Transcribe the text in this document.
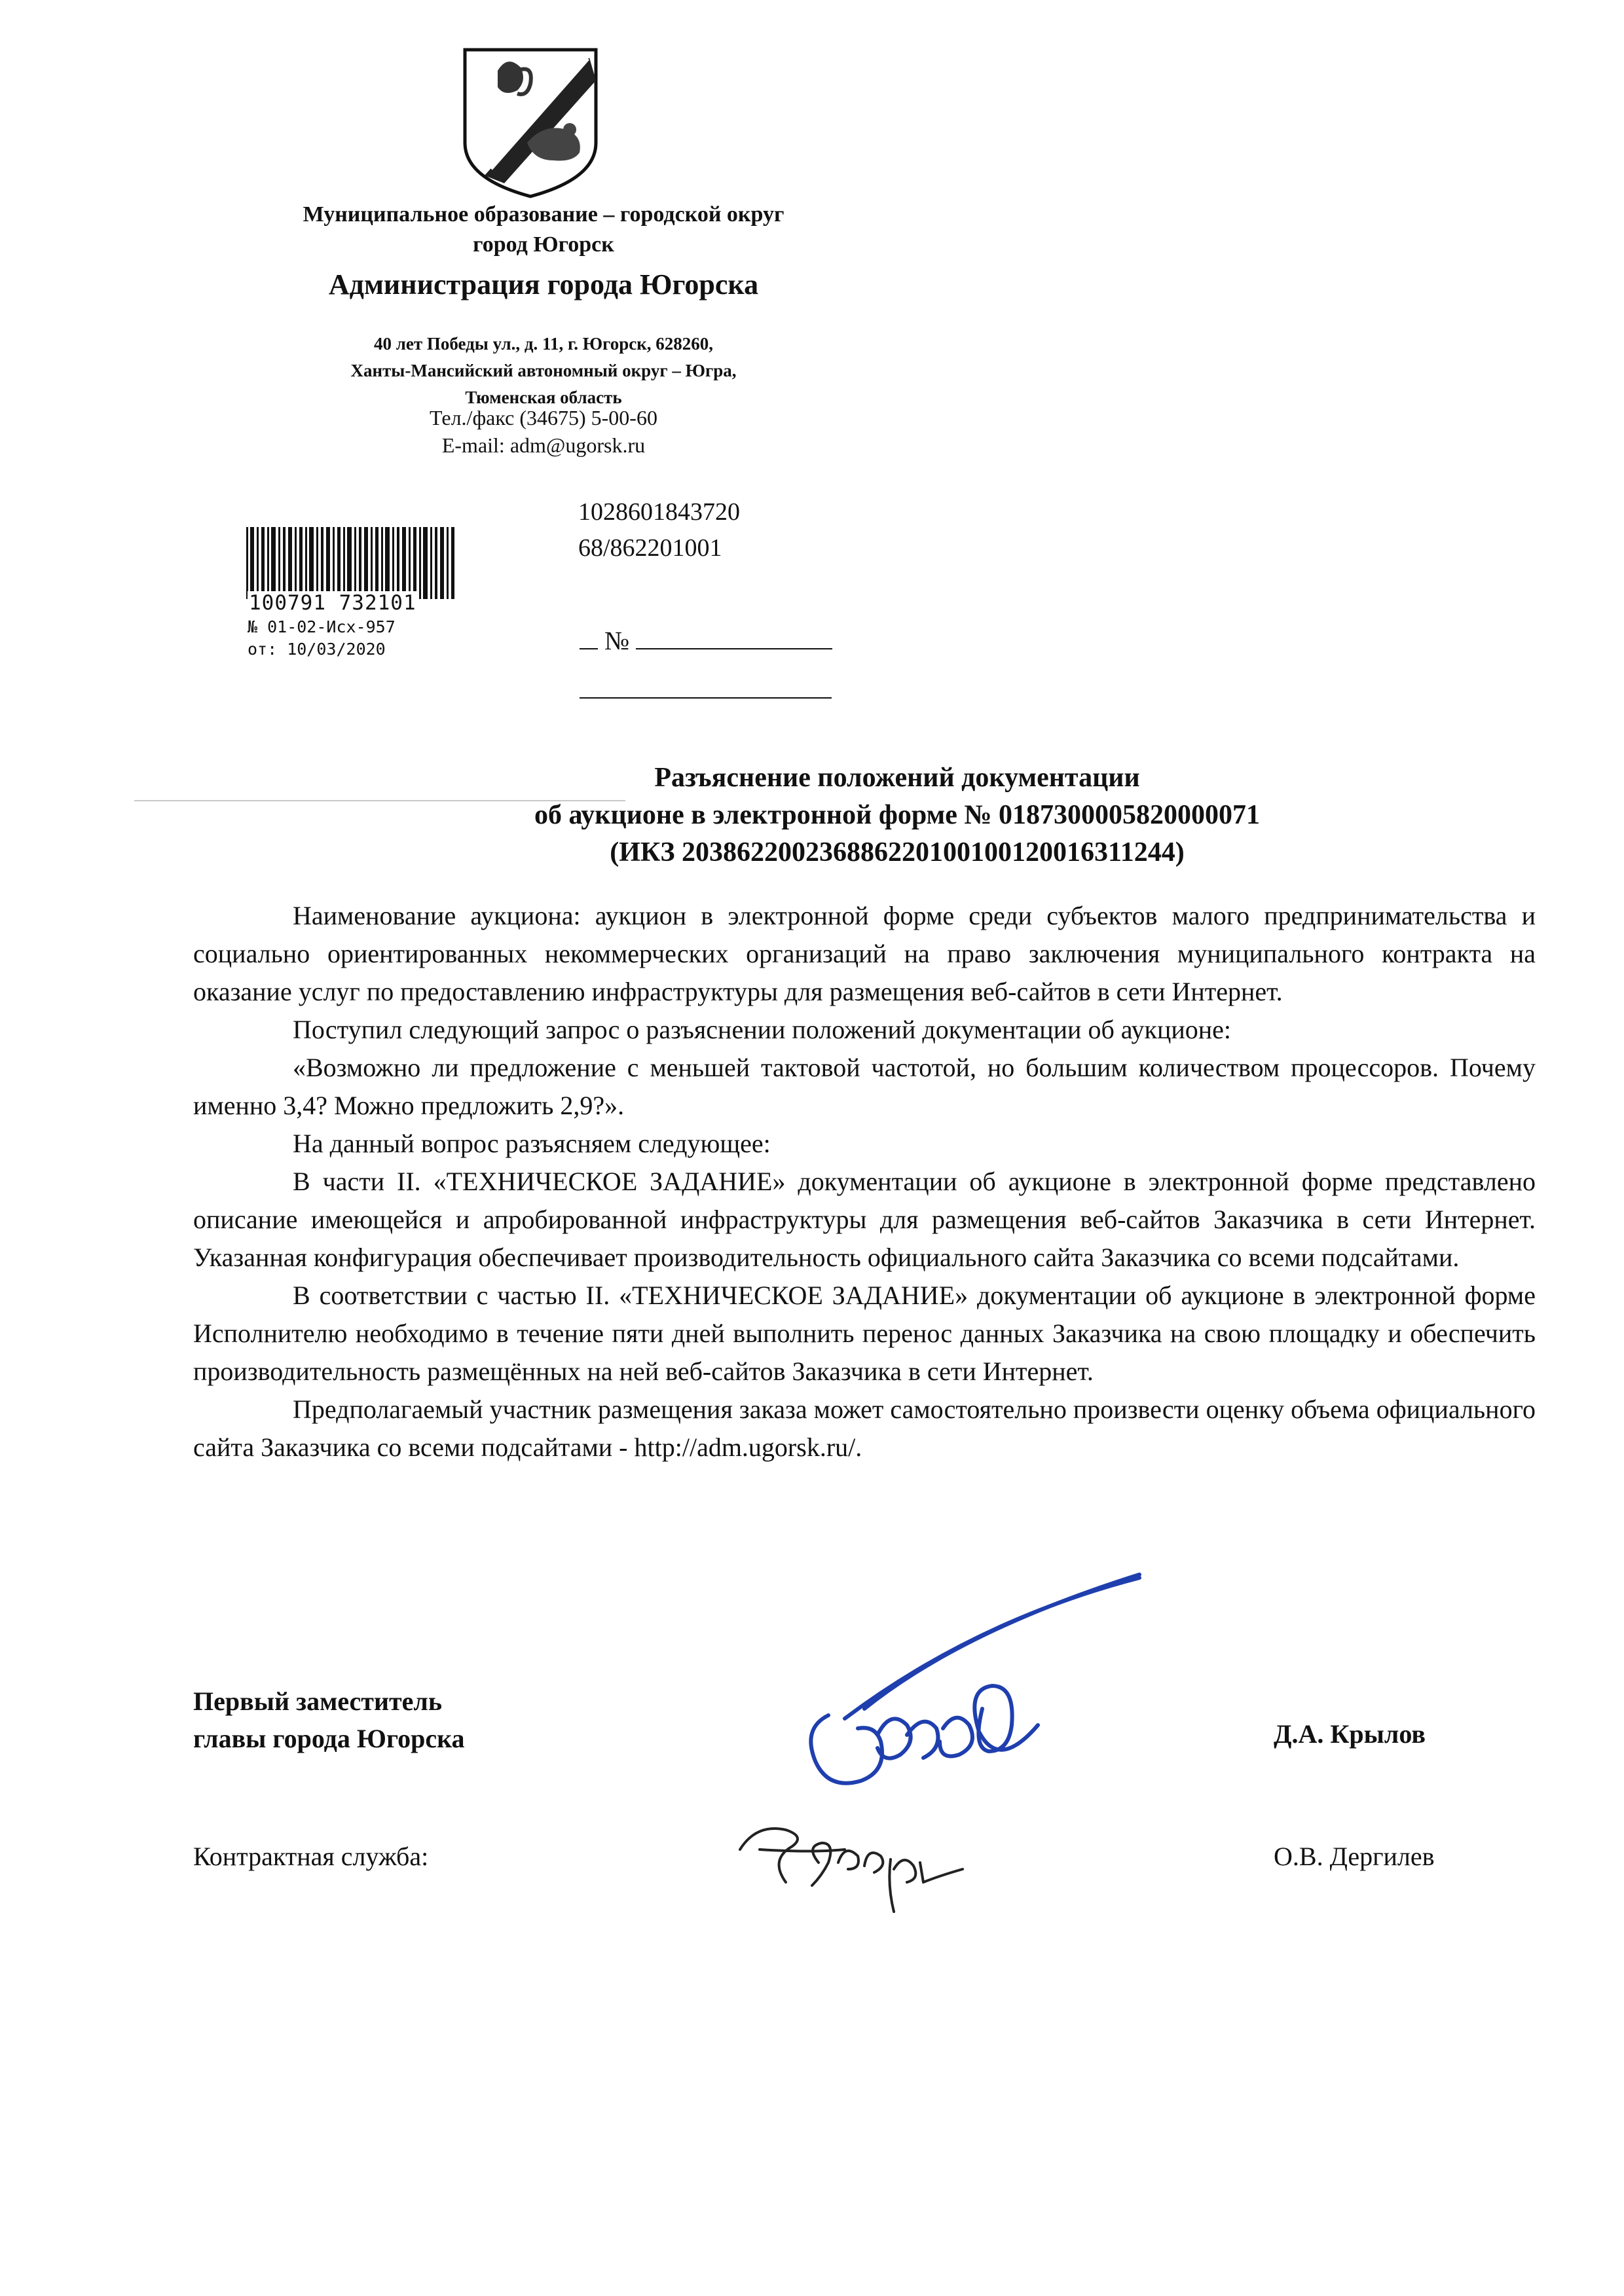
Муниципальное образование – городской округ
город Югорск
Администрация города Югорска
40 лет Победы ул., д. 11, г. Югорск, 628260,
Ханты-Мансийский автономный округ – Югра,
Тюменская область
Тел./факс (34675) 5-00-60
E-mail: adm@ugorsk.ru
1028601843720
68/862201001
100791 732101
№ 01-02-Исх-957
от: 10/03/2020	№
Разъяснение положений документации
об аукционе в электронной форме № 0187300005820000071
(ИКЗ 203862200236886220100100120016311244)

Наименование аукциона: аукцион в электронной форме среди субъектов малого предпринимательства и социально ориентированных некоммерческих организаций на право заключения муниципального контракта на оказание услуг по предоставлению инфраструктуры для размещения веб-сайтов в сети Интернет.

Поступил следующий запрос о разъяснении положений документации об аукционе:

«Возможно ли предложение с меньшей тактовой частотой, но большим количеством процессоров. Почему именно 3,4? Можно предложить 2,9?».

На данный вопрос разъясняем следующее:

В части II. «ТЕХНИЧЕСКОЕ ЗАДАНИЕ» документации об аукционе в электронной форме представлено описание имеющейся и апробированной инфраструктуры для размещения веб-сайтов Заказчика в сети Интернет. Указанная конфигурация обеспечивает производительность официального сайта Заказчика со всеми подсайтами.

В соответствии с частью II. «ТЕХНИЧЕСКОЕ ЗАДАНИЕ» документации об аукционе в электронной форме Исполнителю необходимо в течение пяти дней выполнить перенос данных Заказчика на свою площадку и обеспечить производительность размещённых на ней веб-сайтов Заказчика в сети Интернет.

Предполагаемый участник размещения заказа может самостоятельно произвести оценку объема официального сайта Заказчика со всеми подсайтами - http://adm.ugorsk.ru/.

Первый заместитель
главы города Югорска	Д.А. Крылов
Контрактная служба:	О.В. Дергилев
